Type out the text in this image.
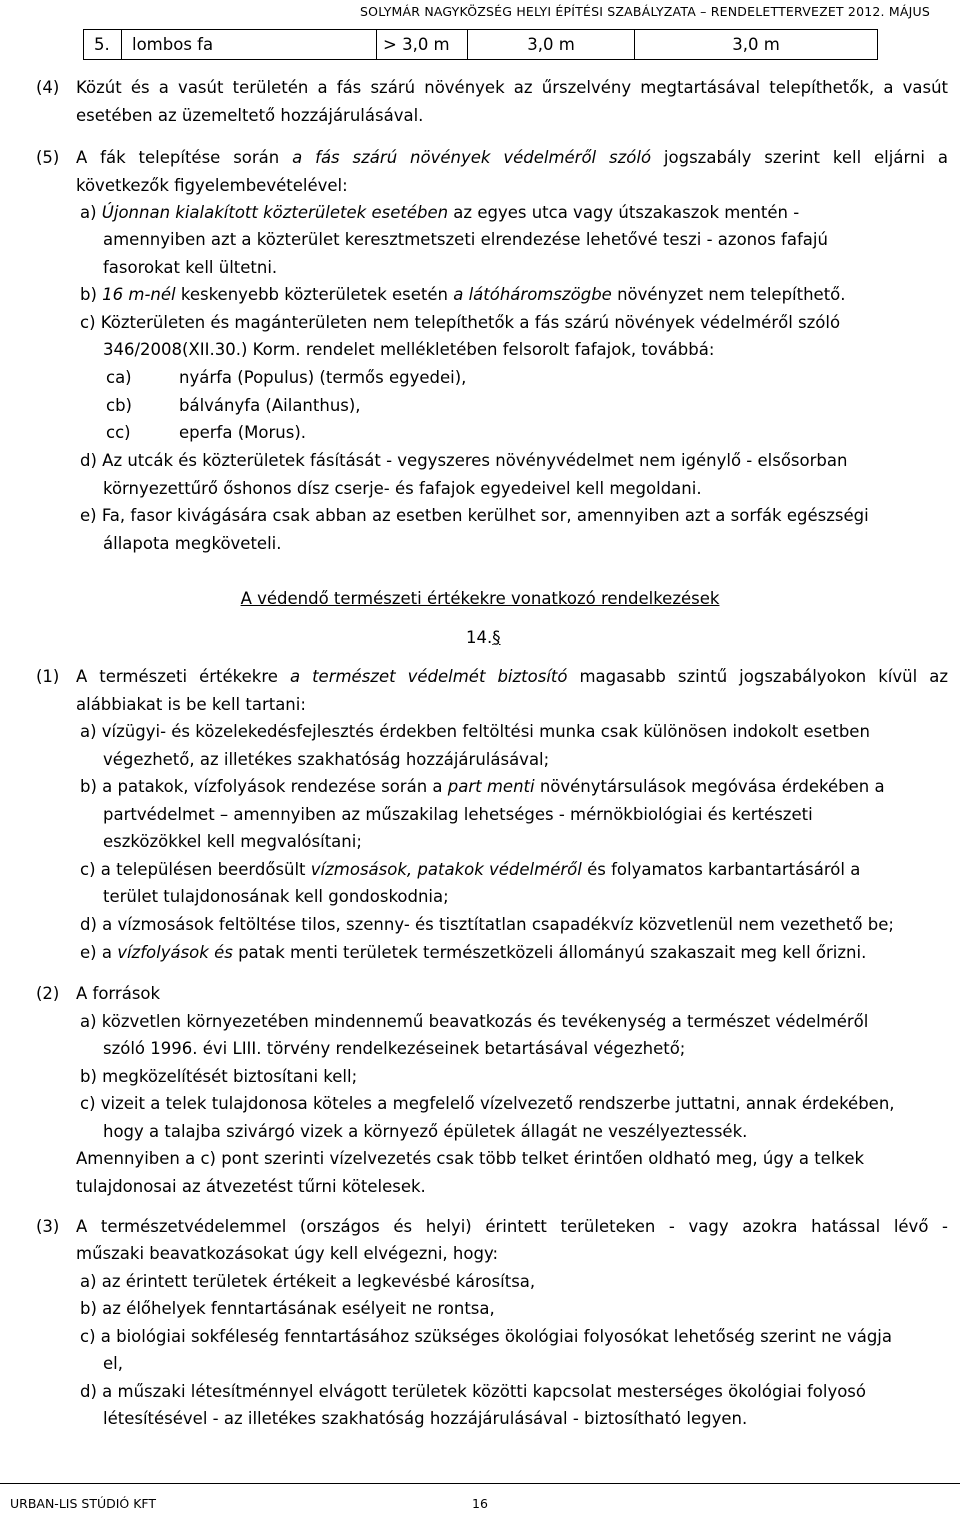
SOLYMÁR NAGYKÖZSÉG HELYI ÉPÍTÉSI SZABÁLYZATA – RENDELETTERVEZET 2012. MÁJUS
5.	lombos fa	> 3,0 m	3,0 m	3,0 m
(4) Közút és a vasút területén a fás szárú növények az űrszelvény megtartásával telepíthetők, a vasút
esetében az üzemeltető hozzájárulásával.
(5) A fák telepítése során a fás szárú növények védelméről szóló jogszabály szerint kell eljárni a
következők figyelembevételével:
a) Újonnan kialakított közterületek esetében az egyes utca vagy útszakaszok mentén -
amennyiben azt a közterület keresztmetszeti elrendezése lehetővé teszi - azonos fafajú
fasorokat kell ültetni.
b) 16 m-nél keskenyebb közterületek esetén a látóháromszögbe növényzet nem telepíthető.
c) Közterületen és magánterületen nem telepíthetők a fás szárú növények védelméről szóló
346/2008(XII.30.) Korm. rendelet mellékletében felsorolt fafajok, továbbá:
ca)	nyárfa (Populus) (termős egyedei),
cb)	bálványfa (Ailanthus),
cc)	eperfa (Morus).
d) Az utcák és közterületek fásítását - vegyszeres növényvédelmet nem igénylő - elsősorban
környezettűrő őshonos dísz cserje- és fafajok egyedeivel kell megoldani.
e) Fa, fasor kivágására csak abban az esetben kerülhet sor, amennyiben azt a sorfák egészségi
állapota megköveteli.
A védendő természeti értékekre vonatkozó rendelkezések
14.§
(1) A természeti értékekre a természet védelmét biztosító magasabb szintű jogszabályokon kívül az
alábbiakat is be kell tartani:
a) vízügyi- és közelekedésfejlesztés érdekben feltöltési munka csak különösen indokolt esetben
végezhető, az illetékes szakhatóság hozzájárulásával;
b) a patakok, vízfolyások rendezése során a part menti növénytársulások megóvása érdekében a
partvédelmet – amennyiben az műszakilag lehetséges - mérnökbiológiai és kertészeti
eszközökkel kell megvalósítani;
c) a településen beerdősült vízmosások, patakok védelméről és folyamatos karbantartásáról a
terület tulajdonosának kell gondoskodnia;
d) a vízmosások feltöltése tilos, szenny- és tisztítatlan csapadékvíz közvetlenül nem vezethető be;
e) a vízfolyások és patak menti területek természetközeli állományú szakaszait meg kell őrizni.
(2) A források
a) közvetlen környezetében mindennemű beavatkozás és tevékenység a természet védelméről
szóló 1996. évi LIII. törvény rendelkezéseinek betartásával végezhető;
b) megközelítését biztosítani kell;
c) vizeit a telek tulajdonosa köteles a megfelelő vízelvezető rendszerbe juttatni, annak érdekében,
hogy a talajba szivárgó vizek a környező épületek állagát ne veszélyeztessék.
Amennyiben a c) pont szerinti vízelvezetés csak több telket érintően oldható meg, úgy a telkek
tulajdonosai az átvezetést tűrni kötelesek.
(3) A természetvédelemmel (országos és helyi) érintett területeken - vagy azokra hatással lévő -
műszaki beavatkozásokat úgy kell elvégezni, hogy:
a) az érintett területek értékeit a legkevésbé károsítsa,
b) az élőhelyek fenntartásának esélyeit ne rontsa,
c) a biológiai sokféleség fenntartásához szükséges ökológiai folyosókat lehetőség szerint ne vágja
el,
d) a műszaki létesítménnyel elvágott területek közötti kapcsolat mesterséges ökológiai folyosó
létesítésével - az illetékes szakhatóság hozzájárulásával - biztosítható legyen.
URBAN-LIS STÚDIÓ KFT	16
